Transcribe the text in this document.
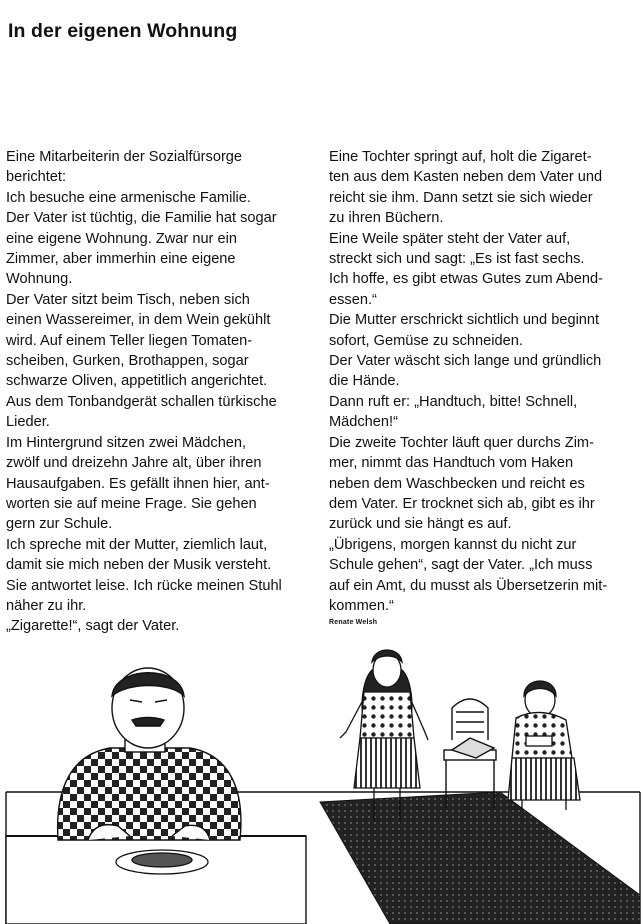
In der eigenen Wohnung

Eine Mitarbeiterin der Sozialfürsorge
berichtet:

Ich besuche eine armenische Familie.

Der Vater ist tüchtig, die Familie hat sogar
eine eigene Wohnung. Zwar nur ein
Zimmer, aber immerhin eine eigene
Wohnung.

Der Vater sitzt beim Tisch, neben sich
einen Wassereimer, in dem Wein gekühlt
wird. Auf einem Teller liegen Tomaten-
scheiben, Gurken, Brothappen, sogar
schwarze Oliven, appetitlich angerichtet.

Aus dem Tonbandgerät schallen türkische
Lieder.

Im Hintergrund sitzen zwei Mädchen,
zwölf und dreizehn Jahre alt, über ihren
Hausaufgaben. Es gefällt ihnen hier, ant-
worten sie auf meine Frage. Sie gehen
gern zur Schule.

Ich spreche mit der Mutter, ziemlich laut,
damit sie mich neben der Musik versteht.
Sie antwortet leise. Ich rücke meinen Stuhl
näher zu ihr.

„Zigarette!“, sagt der Vater.

Eine Tochter springt auf, holt die Zigaret-
ten aus dem Kasten neben dem Vater und
reicht sie ihm. Dann setzt sie sich wieder
zu ihren Büchern.

Eine Weile später steht der Vater auf,
streckt sich und sagt: „Es ist fast sechs.
Ich hoffe, es gibt etwas Gutes zum Abend-
essen.“

Die Mutter erschrickt sichtlich und beginnt
sofort, Gemüse zu schneiden.

Der Vater wäscht sich lange und gründlich
die Hände.

Dann ruft er: „Handtuch, bitte! Schnell,
Mädchen!“

Die zweite Tochter läuft quer durchs Zim-
mer, nimmt das Handtuch vom Haken
neben dem Waschbecken und reicht es
dem Vater. Er trocknet sich ab, gibt es ihr
zurück und sie hängt es auf.

„Übrigens, morgen kannst du nicht zur
Schule gehen“, sagt der Vater. „Ich muss
auf ein Amt, du musst als Übersetzerin mit-
kommen.“

Renate Welsh
